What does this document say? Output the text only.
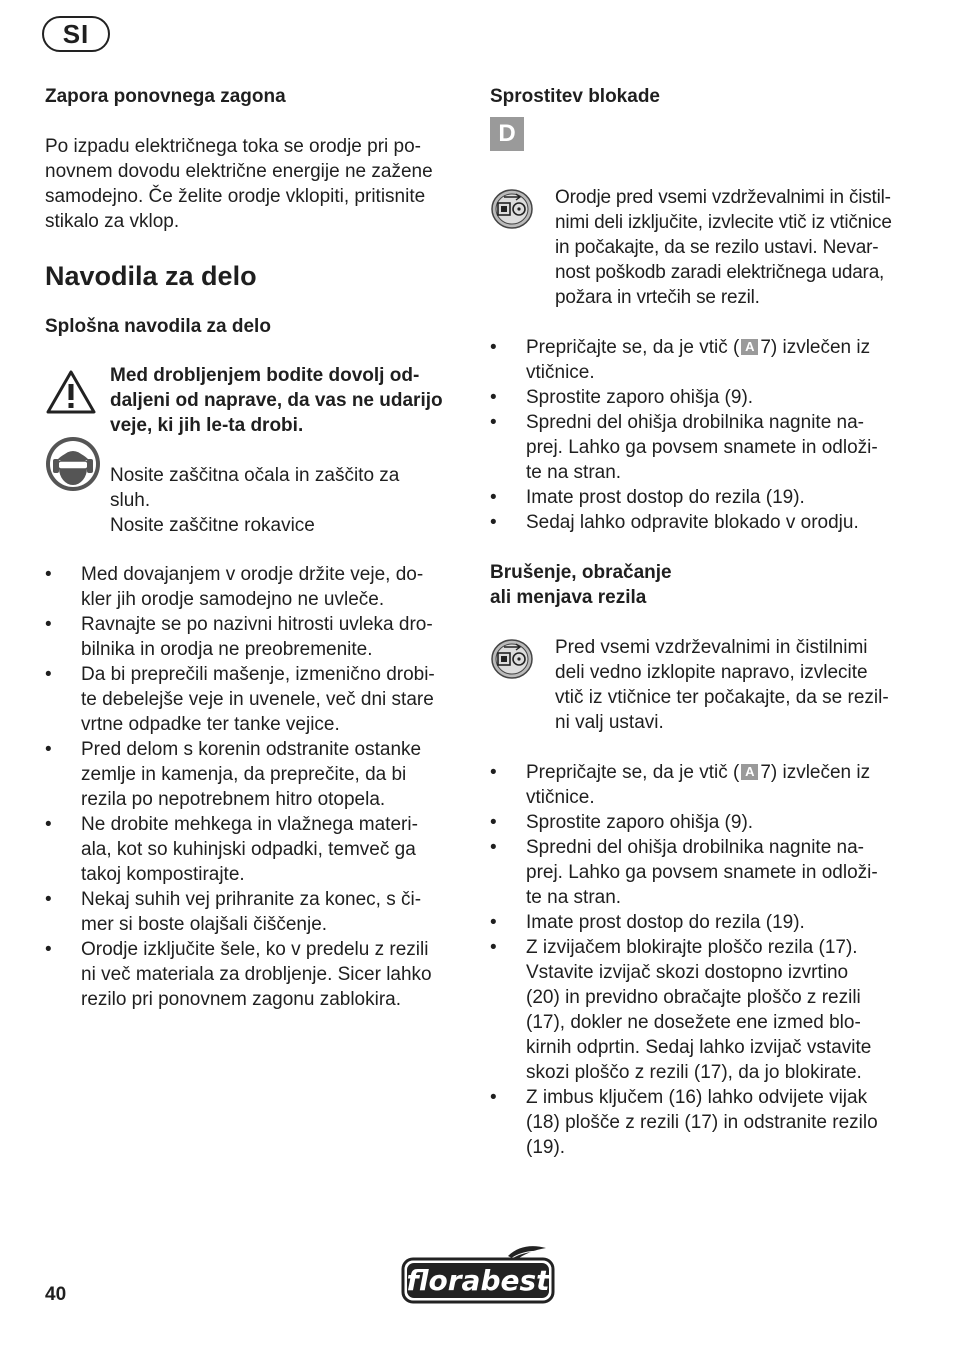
SI
Zapora ponovnega zagona
Po izpadu električnega toka se orodje pri po-
novnem dovodu električne energije ne zažene
samodejno. Če želite orodje vklopiti, pritisnite
stikalo za vklop.
Navodila za delo
Splošna navodila za delo
Med drobljenjem bodite dovolj od-
daljeni od naprave, da vas ne udarijo
veje, ki jih le-ta drobi.
Nosite zaščitna očala in zaščito za
sluh.
Nosite zaščitne rokavice
• Med dovajanjem v orodje držite veje, do-
kler jih orodje samodejno ne uvleče.
• Ravnajte se po nazivni hitrosti uvleka dro-
bilnika in orodja ne preobremenite.
• Da bi preprečili mašenje, izmenično drobi-
te debelejše veje in uvenele, več dni stare
vrtne odpadke ter tanke vejice.
• Pred delom s korenin odstranite ostanke
zemlje in kamenja, da preprečite, da bi
rezila po nepotrebnem hitro otopela.
• Ne drobite mehkega in vlažnega materi-
ala, kot so kuhinjski odpadki, temveč ga
takoj kompostirajte.
• Nekaj suhih vej prihranite za konec, s či-
mer si boste olajšali čiščenje.
• Orodje izključite šele, ko v predelu z rezili
ni več materiala za drobljenje. Sicer lahko
rezilo pri ponovnem zagonu zablokira.
Sprostitev blokade
D
Orodje pred vsemi vzdrževalnimi in čistil-
nimi deli izključite, izvlecite vtič iz vtičnice
in počakajte, da se rezilo ustavi. Nevar-
nost poškodb zaradi električnega udara,
požara in vrtečih se rezil.
• Prepričajte se, da je vtič ( A 7) izvlečen iz
vtičnice.
• Sprostite zaporo ohišja (9).
• Spredni del ohišja drobilnika nagnite na-
prej. Lahko ga povsem snamete in odloži-
te na stran.
• Imate prost dostop do rezila (19).
• Sedaj lahko odpravite blokado v orodju.
Brušenje, obračanje
ali menjava rezila
Pred vsemi vzdrževalnimi in čistilnimi
deli vedno izklopite napravo, izvlecite
vtič iz vtičnice ter počakajte, da se rezil-
ni valj ustavi.
• Prepričajte se, da je vtič ( A 7) izvlečen iz
vtičnice.
• Sprostite zaporo ohišja (9).
• Spredni del ohišja drobilnika nagnite na-
prej. Lahko ga povsem snamete in odloži-
te na stran.
• Imate prost dostop do rezila (19).
• Z izvijačem blokirajte ploščo rezila (17).
Vstavite izvijač skozi dostopno izvrtino
(20) in previdno obračajte ploščo z rezili
(17), dokler ne dosežete ene izmed blo-
kirnih odprtin. Sedaj lahko izvijač vstavite
skozi ploščo z rezili (17), da jo blokirate.
• Z imbus ključem (16) lahko odvijete vijak
(18) plošče z rezili (17) in odstranite rezilo
(19).
40	florabest
